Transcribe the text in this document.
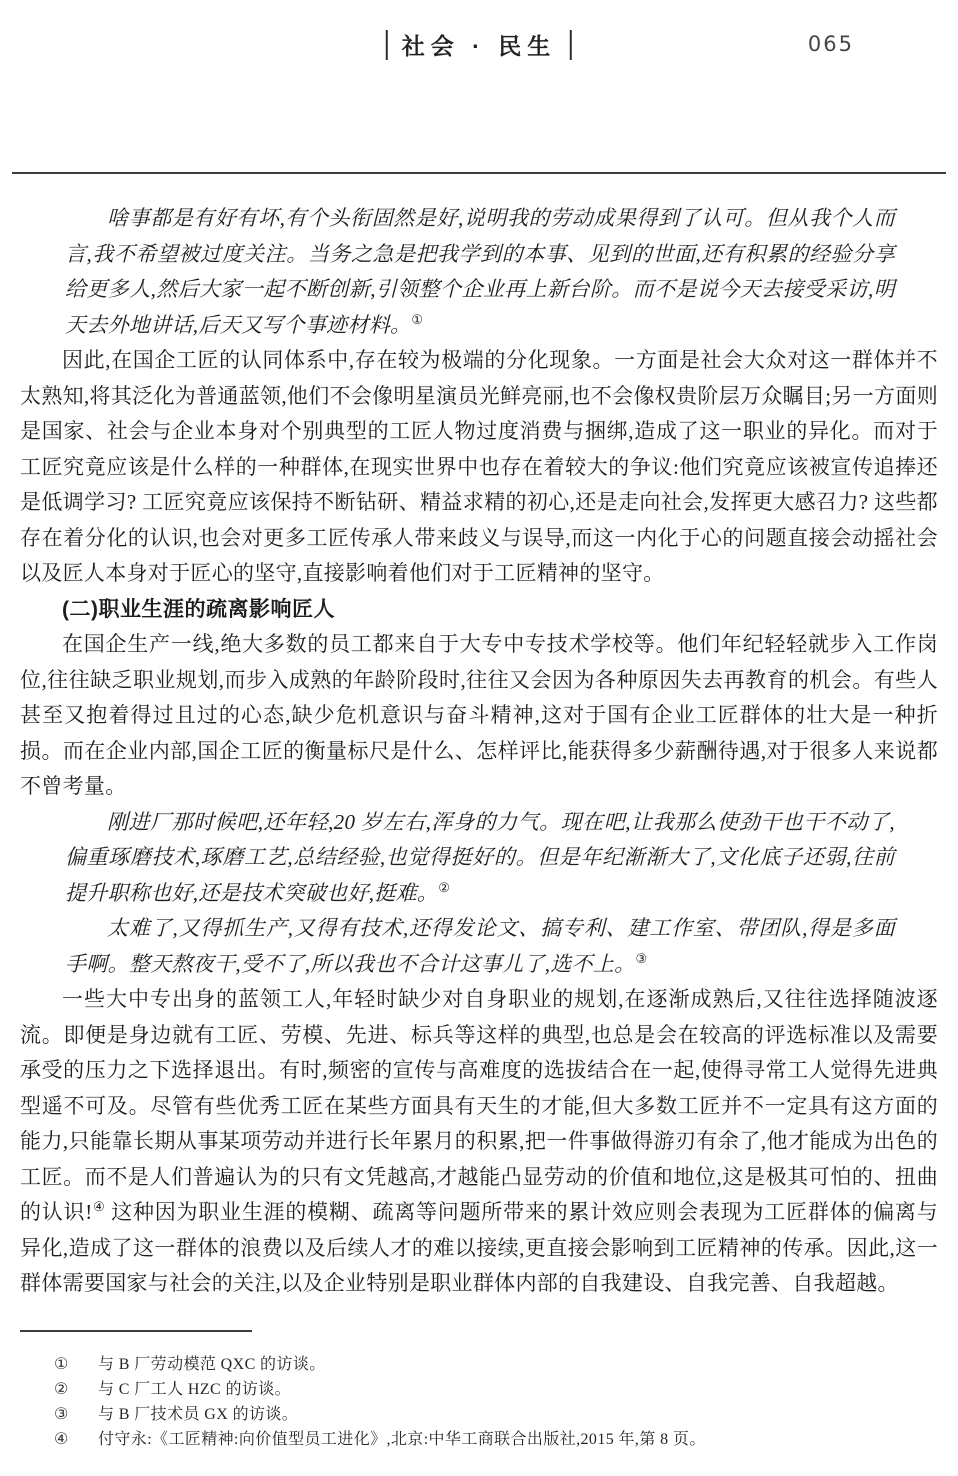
社会 · 民生	065

啥事都是有好有坏,有个头衔固然是好,说明我的劳动成果得到了认可。但从我个人而言,我不希望被过度关注。当务之急是把我学到的本事、见到的世面,还有积累的经验分享给更多人,然后大家一起不断创新,引领整个企业再上新台阶。而不是说今天去接受采访,明天去外地讲话,后天又写个事迹材料。①

因此,在国企工匠的认同体系中,存在较为极端的分化现象。一方面是社会大众对这一群体并不太熟知,将其泛化为普通蓝领,他们不会像明星演员光鲜亮丽,也不会像权贵阶层万众瞩目;另一方面则是国家、社会与企业本身对个别典型的工匠人物过度消费与捆绑,造成了这一职业的异化。而对于工匠究竟应该是什么样的一种群体,在现实世界中也存在着较大的争议:他们究竟应该被宣传追捧还是低调学习? 工匠究竟应该保持不断钻研、精益求精的初心,还是走向社会,发挥更大感召力? 这些都存在着分化的认识,也会对更多工匠传承人带来歧义与误导,而这一内化于心的问题直接会动摇社会以及匠人本身对于匠心的坚守,直接影响着他们对于工匠精神的坚守。

(二)职业生涯的疏离影响匠人

在国企生产一线,绝大多数的员工都来自于大专中专技术学校等。他们年纪轻轻就步入工作岗位,往往缺乏职业规划,而步入成熟的年龄阶段时,往往又会因为各种原因失去再教育的机会。有些人甚至又抱着得过且过的心态,缺少危机意识与奋斗精神,这对于国有企业工匠群体的壮大是一种折损。而在企业内部,国企工匠的衡量标尺是什么、怎样评比,能获得多少薪酬待遇,对于很多人来说都不曾考量。

刚进厂那时候吧,还年轻,20 岁左右,浑身的力气。现在吧,让我那么使劲干也干不动了,偏重琢磨技术,琢磨工艺,总结经验,也觉得挺好的。但是年纪渐渐大了,文化底子还弱,往前提升职称也好,还是技术突破也好,挺难。②

太难了,又得抓生产,又得有技术,还得发论文、搞专利、建工作室、带团队,得是多面手啊。整天熬夜干,受不了,所以我也不合计这事儿了,选不上。③

一些大中专出身的蓝领工人,年轻时缺少对自身职业的规划,在逐渐成熟后,又往往选择随波逐流。即便是身边就有工匠、劳模、先进、标兵等这样的典型,也总是会在较高的评选标准以及需要承受的压力之下选择退出。有时,频密的宣传与高难度的选拔结合在一起,使得寻常工人觉得先进典型遥不可及。尽管有些优秀工匠在某些方面具有天生的才能,但大多数工匠并不一定具有这方面的能力,只能靠长期从事某项劳动并进行长年累月的积累,把一件事做得游刃有余了,他才能成为出色的工匠。而不是人们普遍认为的只有文凭越高,才越能凸显劳动的价值和地位,这是极其可怕的、扭曲的认识!④ 这种因为职业生涯的模糊、疏离等问题所带来的累计效应则会表现为工匠群体的偏离与异化,造成了这一群体的浪费以及后续人才的难以接续,更直接会影响到工匠精神的传承。因此,这一群体需要国家与社会的关注,以及企业特别是职业群体内部的自我建设、自我完善、自我超越。

①	与 B 厂劳动模范 QXC 的访谈。
②	与 C 厂工人 HZC 的访谈。
③	与 B 厂技术员 GX 的访谈。
④	付守永:《工匠精神:向价值型员工进化》,北京:中华工商联合出版社,2015 年,第 8 页。
